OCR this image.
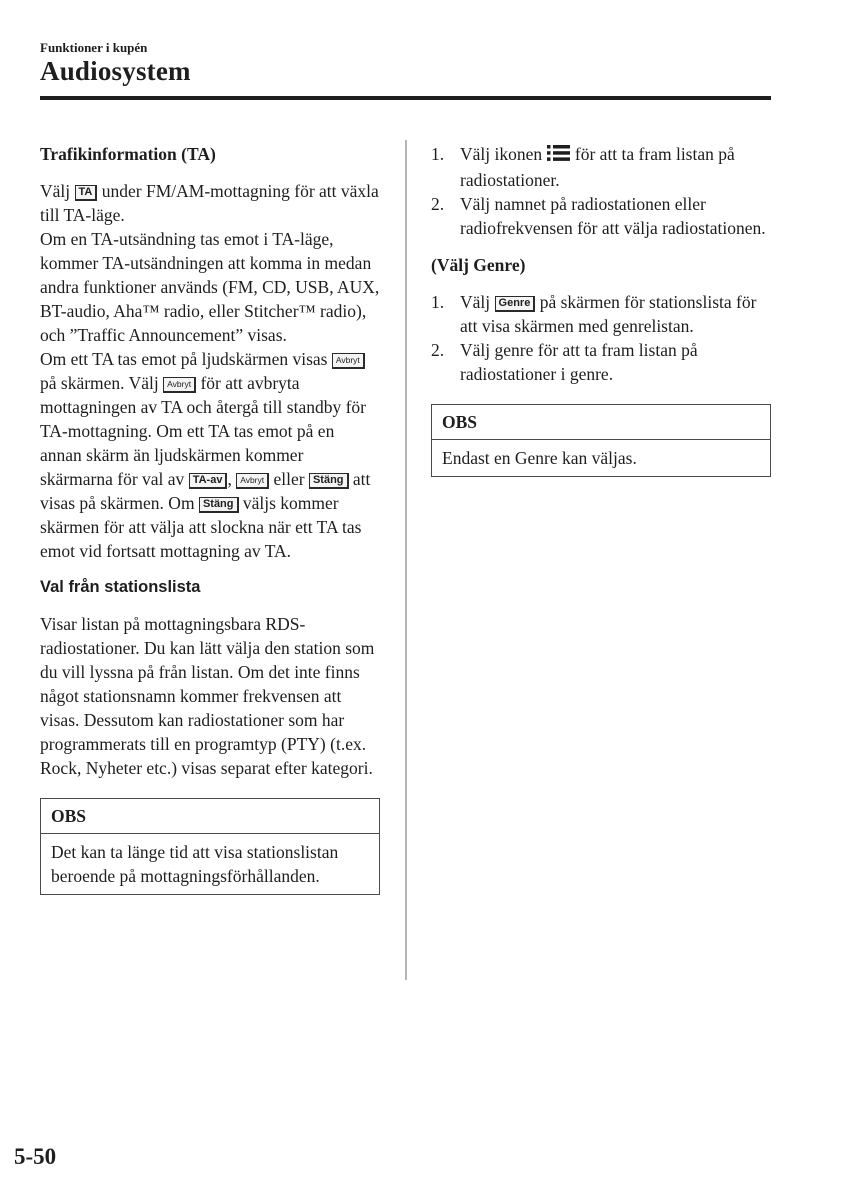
Funktioner i kupén
Audiosystem
Trafikinformation (TA)

Välj TA under FM/AM-mottagning för att växla till TA-läge.

Om en TA-utsändning tas emot i TA-läge, kommer TA-utsändningen att komma in medan andra funktioner används (FM, CD, USB, AUX, BT-audio, Aha™ radio, eller Stitcher™ radio), och ”Traffic Announcement” visas.

Om ett TA tas emot på ljudskärmen visas Avbryt på skärmen. Välj Avbryt för att avbryta mottagningen av TA och återgå till standby för TA-mottagning. Om ett TA tas emot på en annan skärm än ljudskärmen kommer skärmarna för val av TA-av , Avbryt eller Stäng att visas på skärmen. Om Stäng väljs kommer skärmen för att välja att slockna när ett TA tas emot vid fortsatt mottagning av TA.

Val från stationslista

Visar listan på mottagningsbara RDS-radiostationer. Du kan lätt välja den station som du vill lyssna på från listan. Om det inte finns något stationsnamn kommer frekvensen att visas. Dessutom kan radiostationer som har programmerats till en programtyp (PTY) (t.ex. Rock, Nyheter etc.) visas separat efter kategori.

OBS
Det kan ta länge tid att visa stationslistan beroende på mottagningsförhållanden.
1. Välj ikonen  för att ta fram listan på radiostationer.
2. Välj namnet på radiostationen eller radiofrekvensen för att välja radiostationen.
(Välj Genre)
1. Välj Genre på skärmen för stationslista för att visa skärmen med genrelistan.
2. Välj genre för att ta fram listan på radiostationer i genre.
OBS
Endast en Genre kan väljas.
5-50
